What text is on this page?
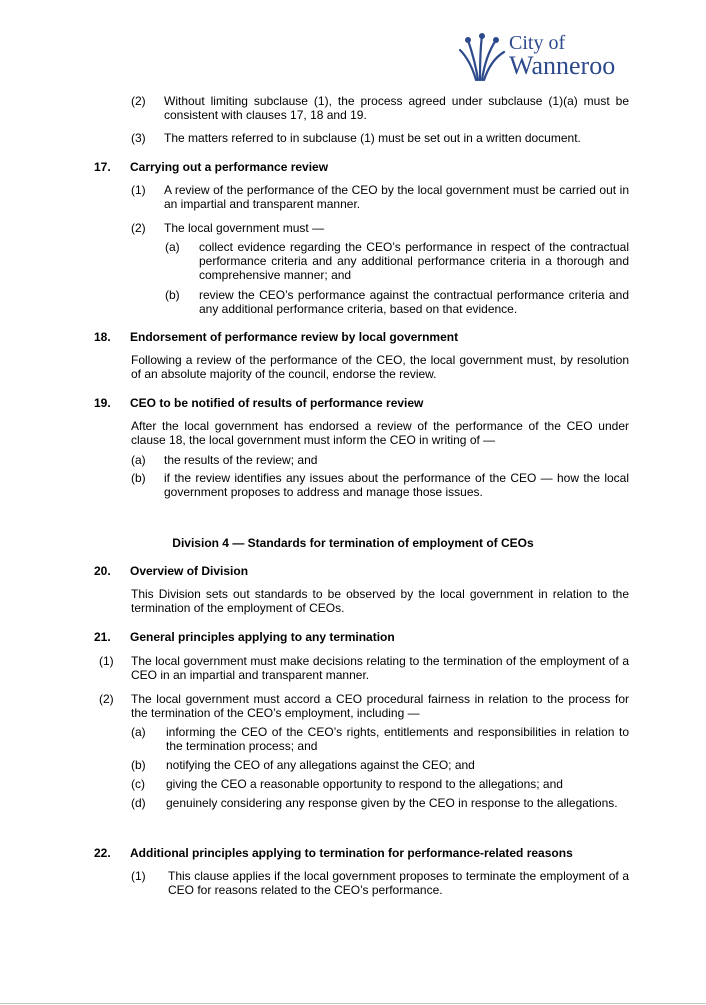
City of
Wanneroo
(2) Without limiting subclause (1), the process agreed under subclause (1)(a) must be consistent with clauses 17, 18 and 19.
(3) The matters referred to in subclause (1) must be set out in a written document.
17. Carrying out a performance review
(1) A review of the performance of the CEO by the local government must be carried out in an impartial and transparent manner.
(2) The local government must —
(a) collect evidence regarding the CEO’s performance in respect of the contractual performance criteria and any additional performance criteria in a thorough and comprehensive manner; and
(b) review the CEO’s performance against the contractual performance criteria and any additional performance criteria, based on that evidence.
18. Endorsement of performance review by local government
Following a review of the performance of the CEO, the local government must, by resolution of an absolute majority of the council, endorse the review.
19. CEO to be notified of results of performance review
After the local government has endorsed a review of the performance of the CEO under clause 18, the local government must inform the CEO in writing of —
(a) the results of the review; and
(b) if the review identifies any issues about the performance of the CEO — how the local government proposes to address and manage those issues.
Division 4 — Standards for termination of employment of CEOs
20. Overview of Division
This Division sets out standards to be observed by the local government in relation to the termination of the employment of CEOs.
21. General principles applying to any termination
(1) The local government must make decisions relating to the termination of the employment of a CEO in an impartial and transparent manner.
(2) The local government must accord a CEO procedural fairness in relation to the process for the termination of the CEO’s employment, including —
(a) informing the CEO of the CEO’s rights, entitlements and responsibilities in relation to the termination process; and
(b) notifying the CEO of any allegations against the CEO; and
(c) giving the CEO a reasonable opportunity to respond to the allegations; and
(d) genuinely considering any response given by the CEO in response to the allegations.
22. Additional principles applying to termination for performance-related reasons
(1) This clause applies if the local government proposes to terminate the employment of a CEO for reasons related to the CEO’s performance.
